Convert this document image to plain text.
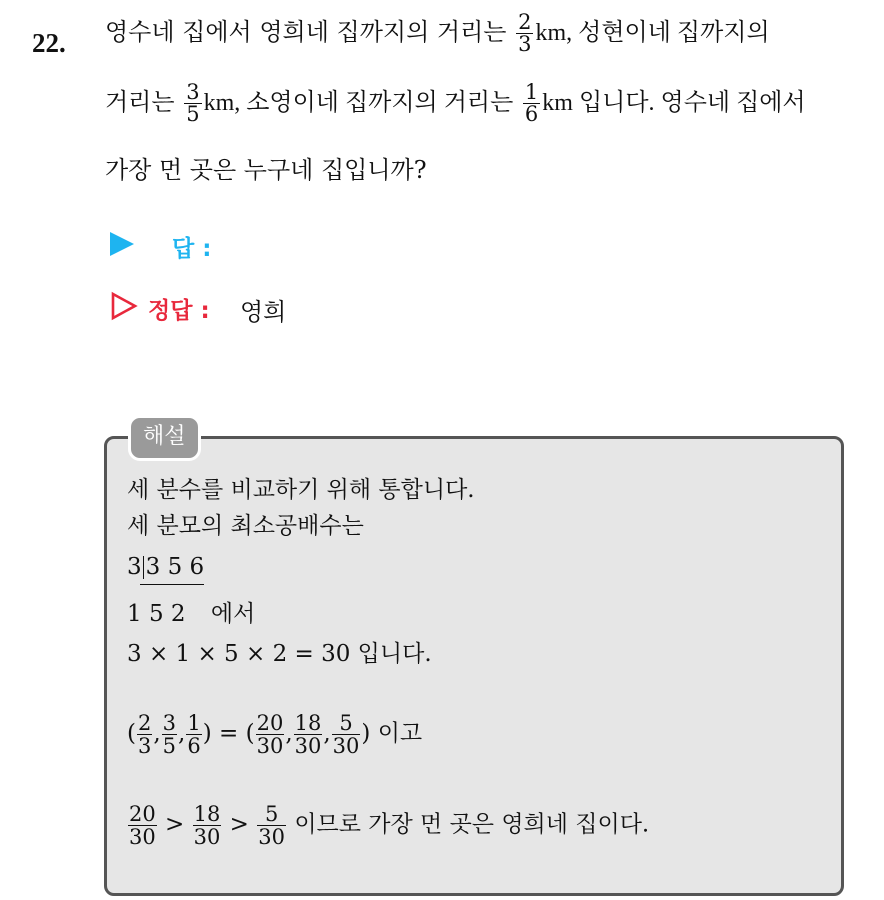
22. 영수네 집에서 영희네 집까지의 거리는 $\frac{2}{3}$ km, 성현이네 집까지의
거리는 $\frac{3}{5}$ km, 소영이네 집까지의 거리는 $\frac{1}{6}$ km 입니다. 영수네 집에서
가장 먼 곳은 누구네 집입니까?
답 :
정답 : 영희
해설
세 분수를 비교하기 위해 통합니다.
세 분모의 최소공배수는
3 3 5 6
1 5 2 에서
3 × 1 × 5 × 2 = 30 입니다.
( $\frac{2}{3}$ , $\frac{3}{5}$ , $\frac{1}{6}$ ) = ( $\frac{20}{30}$ , $\frac{18}{30}$ , $\frac{5}{30}$ ) 이고
$\frac{20}{30} > \frac{18}{30} > \frac{5}{30}$ 이므로 가장 먼 곳은 영희네 집이다.
